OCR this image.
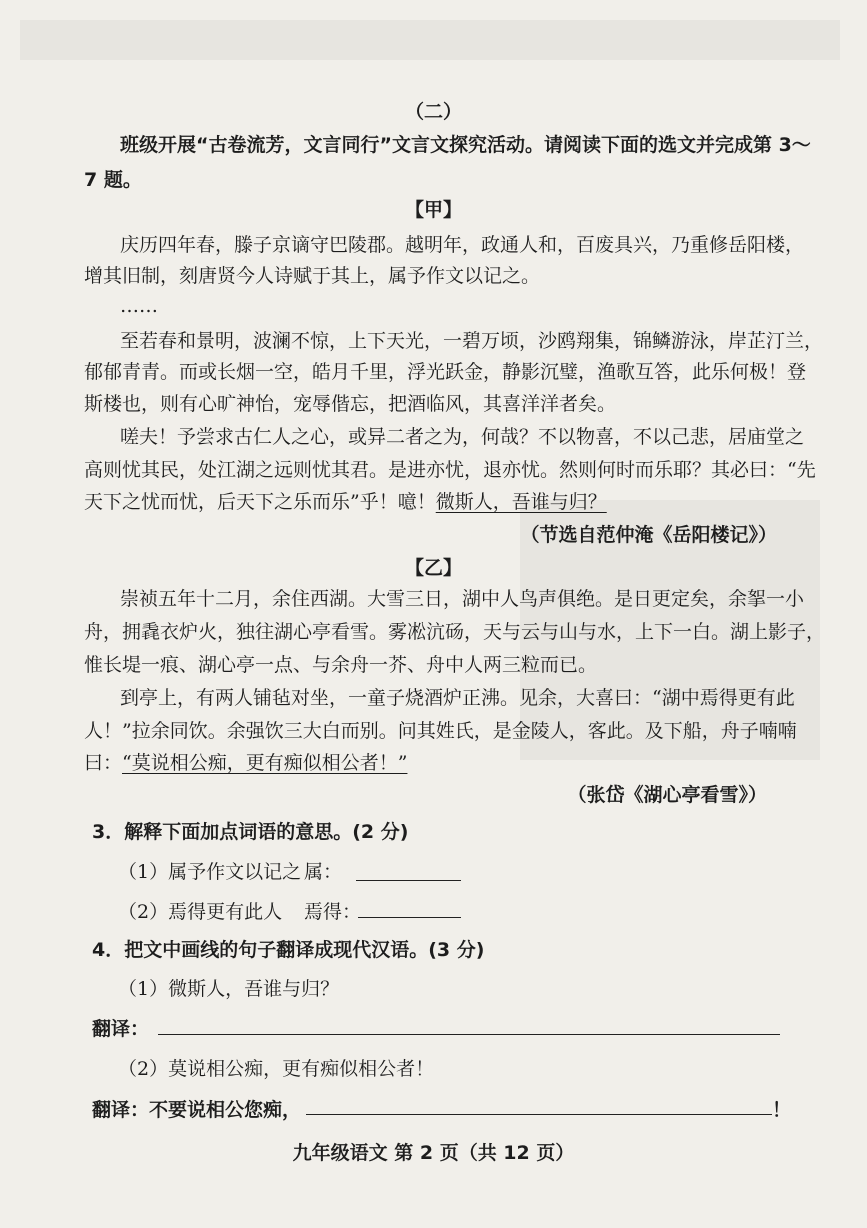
（二）
班级开展“古卷流芳，文言同行”文言文探究活动。请阅读下面的选文并完成第 3～
7 题。
【甲】
庆历四年春，滕子京谪守巴陵郡。越明年，政通人和，百废具兴，乃重修岳阳楼，
增其旧制，刻唐贤今人诗赋于其上，属予作文以记之。
……
至若春和景明，波澜不惊，上下天光，一碧万顷，沙鸥翔集，锦鳞游泳，岸芷汀兰，
郁郁青青。而或长烟一空，皓月千里，浮光跃金，静影沉璧，渔歌互答，此乐何极！登
斯楼也，则有心旷神怡，宠辱偕忘，把酒临风，其喜洋洋者矣。
嗟夫！予尝求古仁人之心，或异二者之为，何哉？不以物喜，不以己悲，居庙堂之
高则忧其民，处江湖之远则忧其君。是进亦忧，退亦忧。然则何时而乐耶？其必曰：“先
天下之忧而忧，后天下之乐而乐”乎！噫！微斯人，吾谁与归？
（节选自范仲淹《岳阳楼记》）
【乙】
崇祯五年十二月，余住西湖。大雪三日，湖中人鸟声俱绝。是日更定矣，余挐一小
舟，拥毳衣炉火，独往湖心亭看雪。雾凇沆砀，天与云与山与水，上下一白。湖上影子，
惟长堤一痕、湖心亭一点、与余舟一芥、舟中人两三粒而已。
到亭上，有两人铺毡对坐，一童子烧酒炉正沸。见余，大喜曰：“湖中焉得更有此
人！”拉余同饮。余强饮三大白而别。问其姓氏，是金陵人，客此。及下船，舟子喃喃
曰：“莫说相公痴，更有痴似相公者！”
（张岱《湖心亭看雪》）
3．解释下面加点词语的意思。(2 分)
（1）属予作文以记之 属：
（2）焉得更有此人 焉得：
4．把文中画线的句子翻译成现代汉语。(3 分)
（1）微斯人，吾谁与归？
翻译：
（2）莫说相公痴，更有痴似相公者！
翻译：不要说相公您痴，	！
九年级语文 第 2 页（共 12 页）
